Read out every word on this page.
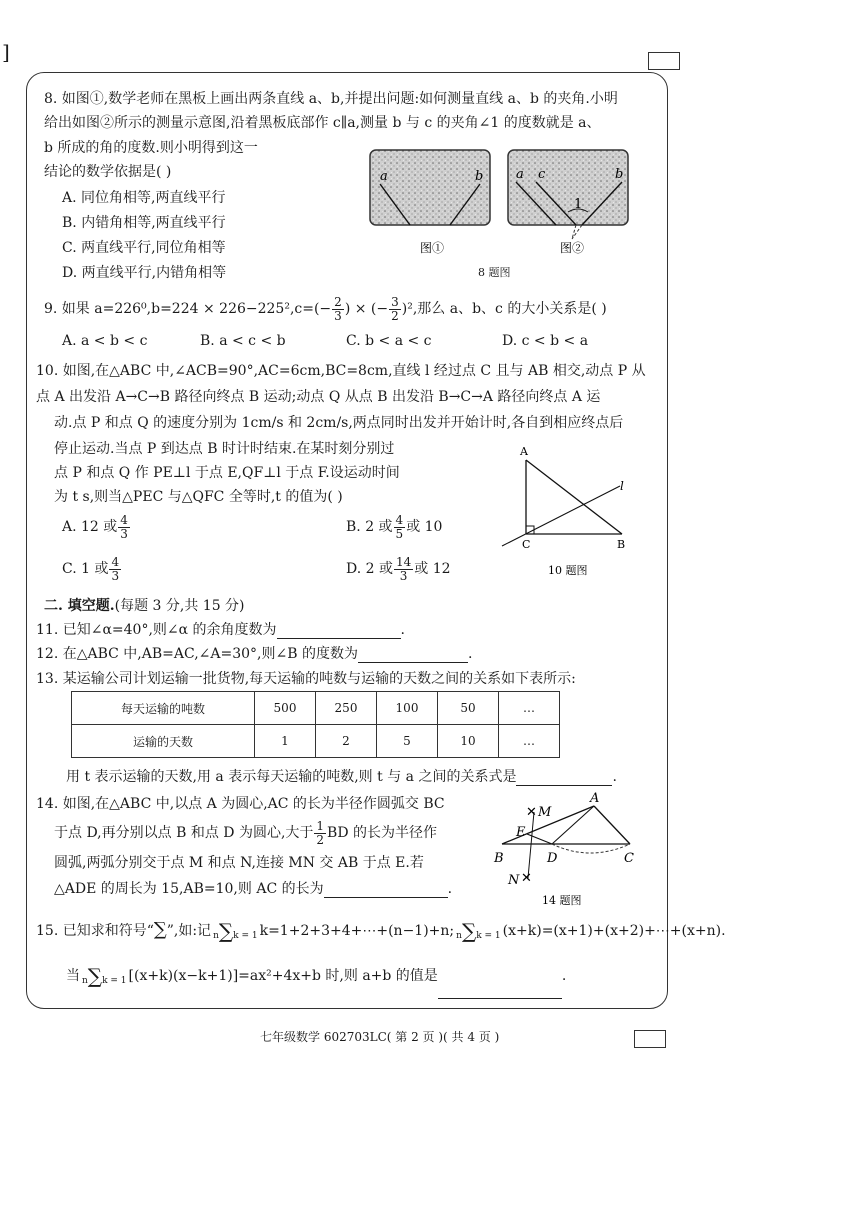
]
8. 如图①,数学老师在黑板上画出两条直线 a、b,并提出问题:如何测量直线 a、b 的夹角.小明
给出如图②所示的测量示意图,沿着黑板底部作 c∥a,测量 b 与 c 的夹角∠1 的度数就是 a、
b 所成的角的度数.则小明得到这一
结论的数学依据是( )
A. 同位角相等,两直线平行
B. 内错角相等,两直线平行
C. 两直线平行,同位角相等
D. 两直线平行,内错角相等
a	b	a c	b
1
图①	图②
8 题图
9. 如果 $a=226^0,b=224 \times 226-225^2,c=(- \frac{2}{3}$ ) × (− $\frac{3}{2} )^2$,那么 a、b、c 的大小关系是( )
A. a < b < c	B. a < c < b	C. b < a < c	D. c < b < a
10. 如图,在△ABC 中,∠ACB=90°,AC=6cm,BC=8cm,直线 l 经过点 C 且与 AB 相交,动点 P 从
点 A 出发沿 A→C→B 路径向终点 B 运动;动点 Q 从点 B 出发沿 B→C→A 路径向终点 A 运
动.点 P 和点 Q 的速度分别为 1cm/s 和 2cm/s,两点同时出发并开始计时,各自到相应终点后
停止运动.当点 P 到达点 B 时计时结束.在某时刻分别过
点 P 和点 Q 作 PE⊥l 于点 E,QF⊥l 于点 F.设运动时间
为 t s,则当△PEC 与△QFC 全等时,t 的值为( )
A. 12 或 $\frac{4}{3}$	B. 2 或 $\frac{4}{5}$ 或 10
C. 1 或 $\frac{4}{3}$	D. 2 或 $\frac{14}{3}$ 或 12
A
C	B
l
10 题图
二. 填空题.(每题 3 分,共 15 分)
11. 已知∠α=40°,则∠α 的余角度数为	.
12. 在△ABC 中,AB=AC,∠A=30°,则∠B 的度数为	.
13. 某运输公司计划运输一批货物,每天运输的吨数与运输的天数之间的关系如下表所示:
每天运输的吨数	500	250	100	50	…
运输的天数	1	2	5	10	…
用 t 表示运输的天数,用 a 表示每天运输的吨数,则 t 与 a 之间的关系式是	.
14. 如图,在△ABC 中,以点 A 为圆心,AC 的长为半径作圆弧交 BC
于点 D,再分别以点 B 和点 D 为圆心,大于 $\frac{1}{2}$ BD 的长为半径作
圆弧,两弧分别交于点 M 和点 N,连接 MN 交 AB 于点 E.若
△ADE 的周长为 15,AB=10,则 AC 的长为	.
✕
✕
M
N
E
A
B	D	C
14 题图
15. 已知求和符号“∑”,如:记 n∑k = 1 k=1+2+3+4+⋯+(n−1)+n; n∑k = 1 (x+k)=(x+1)+(x+2)+⋯+(x+n).
当 n∑k = 1 [(x+k)(x−k+1)]=ax²+4x+b 时,则 a+b 的值是	.
七年级数学 602703LC( 第 2 页 )( 共 4 页 )
